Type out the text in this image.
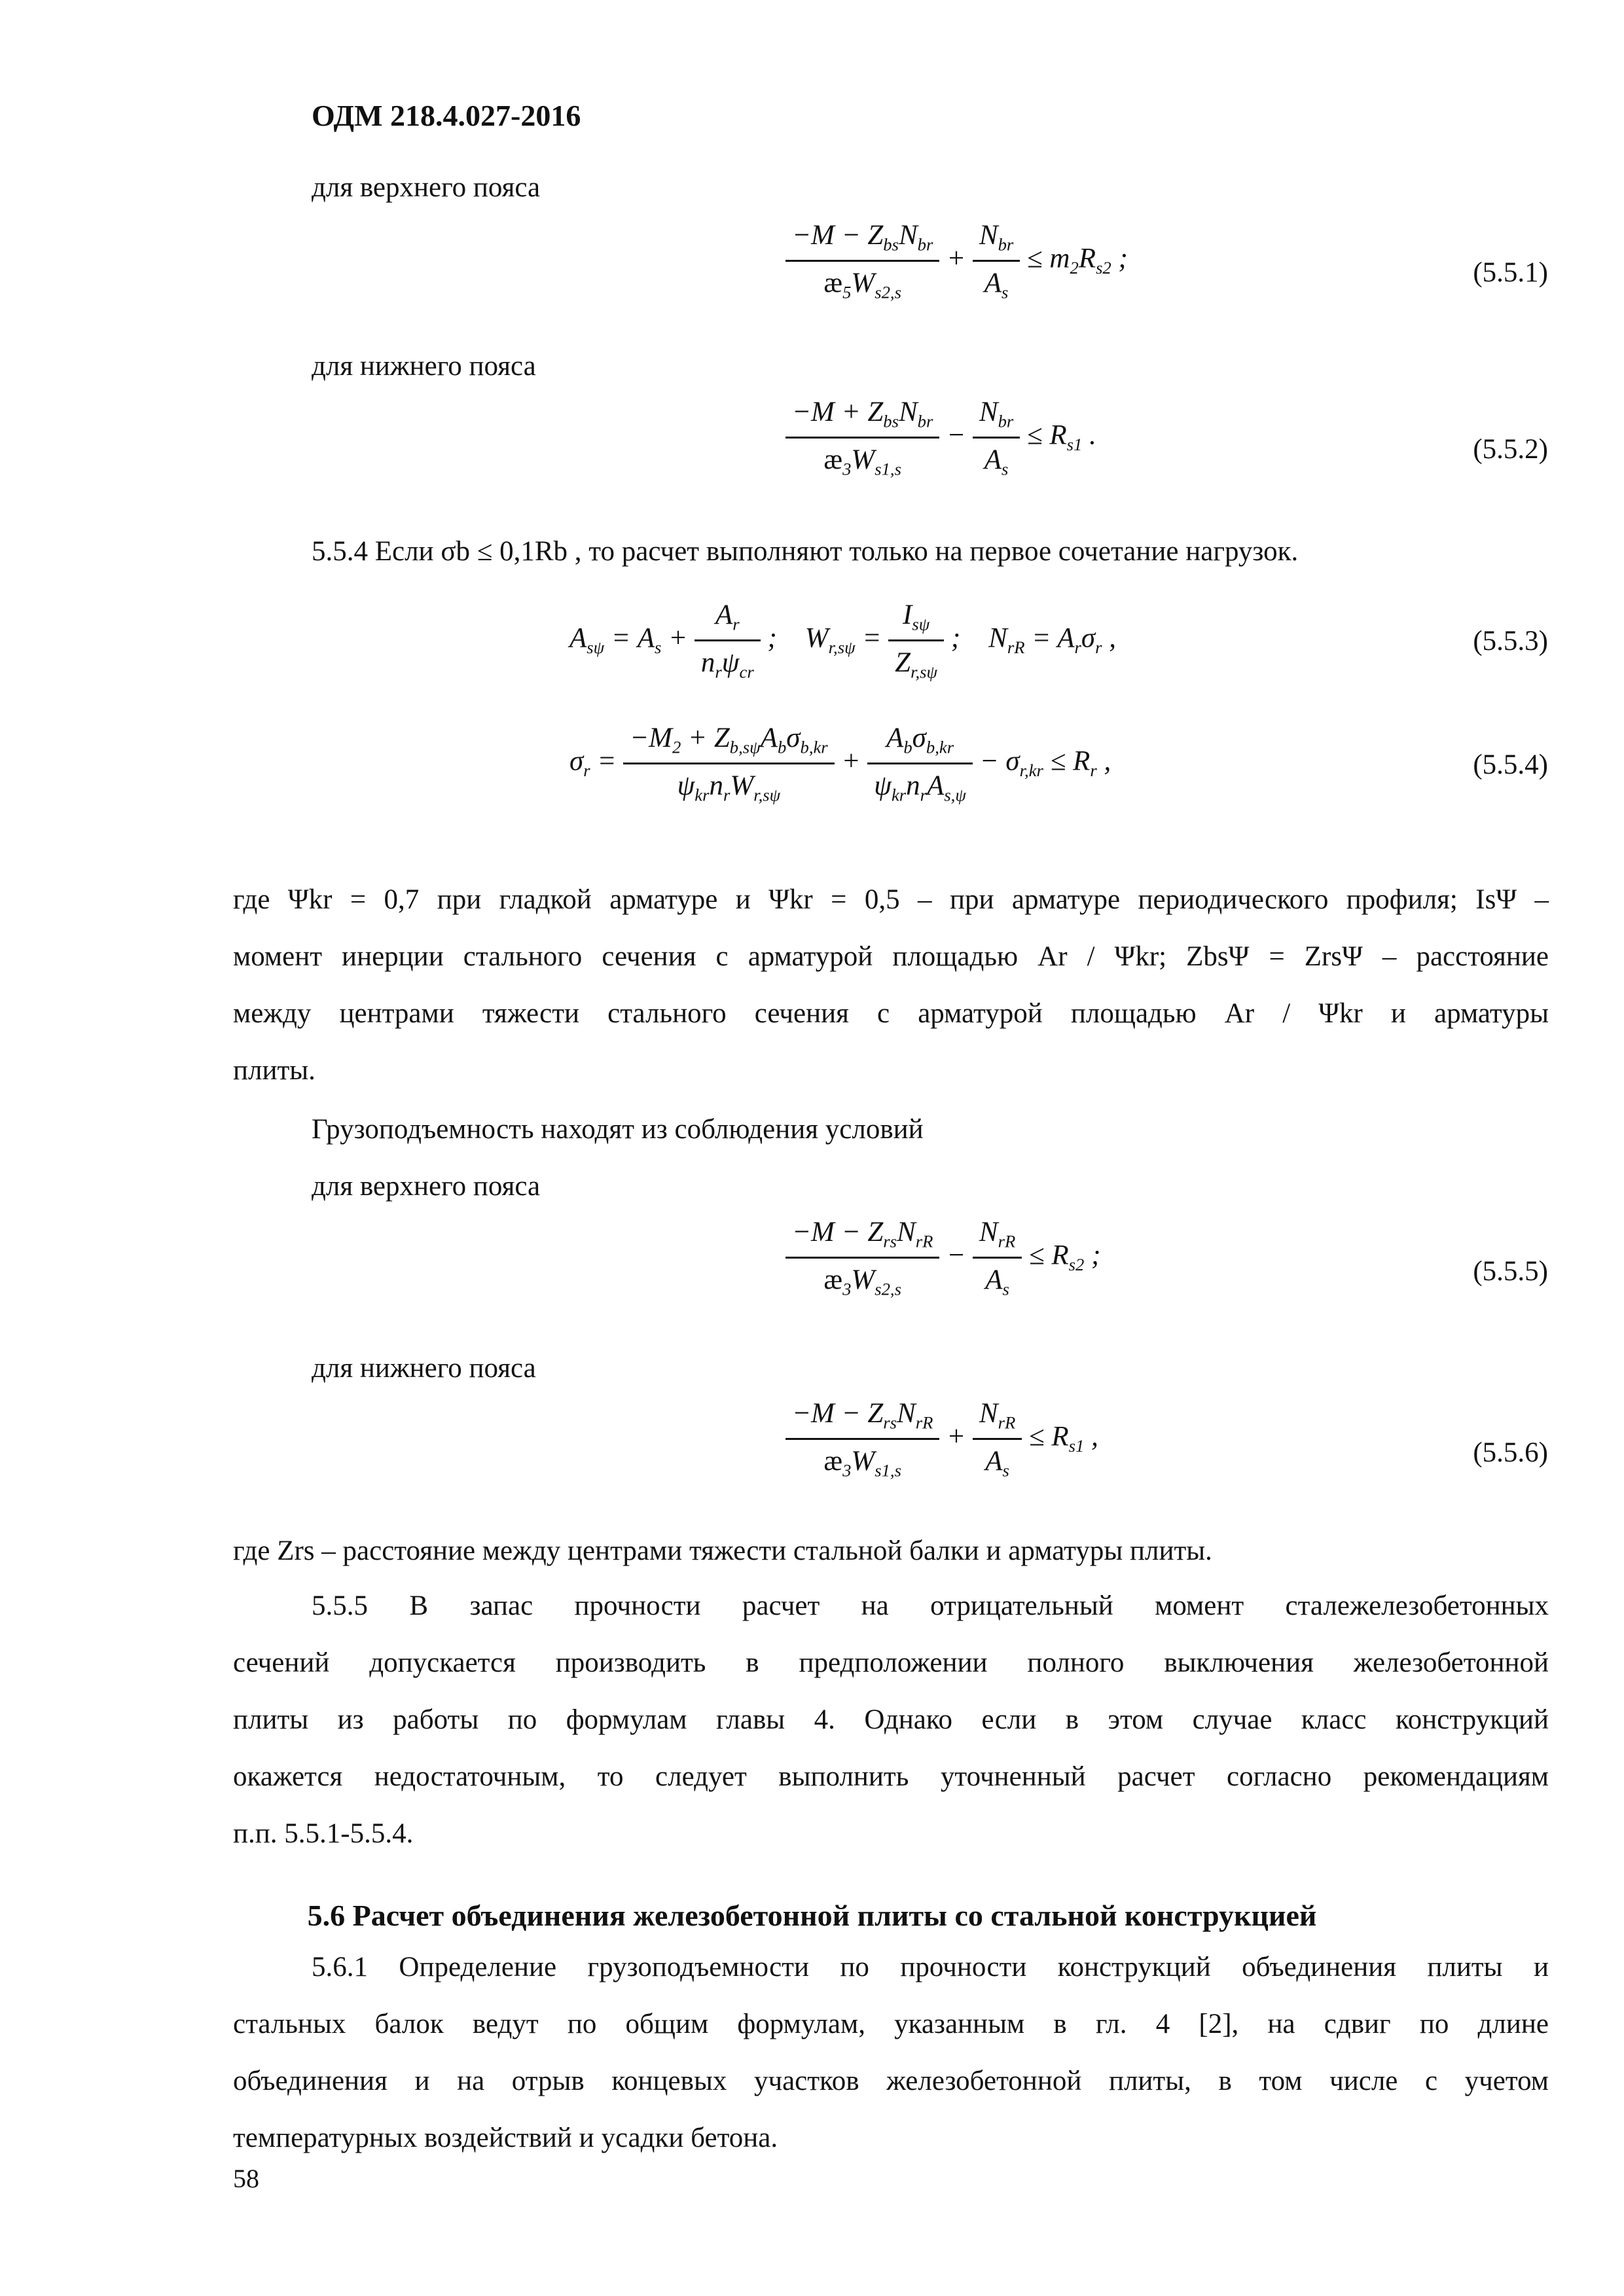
ОДМ 218.4.027-2016
для верхнего пояса
$\frac{-M - Z_{bs}N_{br}}{æ_5W_{s2,s}} + \frac{N_{br}}{A_s} \le m_2R_{s2}$ ;	(5.5.1)
для нижнего пояса
$\frac{-M + Z_{bs}N_{br}}{æ_3W_{s1,s}} - \frac{N_{br}}{A_s} \le R_{s1}$ .	(5.5.2)
5.5.4 Если σb ≤ 0,1Rb , то расчет выполняют только на первое сочетание нагрузок.
$A_{s\psi} = A_s + \frac{A_r}{n_r\psi_{cr}}$ ;    $W_{r,s\psi} = \frac{I_{s\psi}}{Z_{r,s\psi}}$ ;    $N_{rR} = A_r\sigma_r$ ,	(5.5.3)
$\sigma_r = \frac{-M_2 + Z_{b,s\psi}A_b\sigma_{b,kr}}{\psi_{kr}n_rW_{r,s\psi}} + \frac{A_b\sigma_{b,kr}}{\psi_{kr}n_rA_{s,\psi}} - \sigma_{r,kr} \le R_r$ ,	(5.5.4)
где Ψkr = 0,7 при гладкой арматуре и Ψkr = 0,5 – при арматуре периодического профиля; IsΨ –
момент инерции стального сечения с арматурой площадью Ar / Ψkr; ZbsΨ = ZrsΨ – расстояние
между центрами тяжести стального сечения с арматурой площадью Ar / Ψkr и арматуры
плиты.
Грузоподъемность находят из соблюдения условий
для верхнего пояса
$\frac{-M - Z_{rs}N_{rR}}{æ_3W_{s2,s}} - \frac{N_{rR}}{A_s} \le R_{s2}$ ;
(5.5.5)
для нижнего пояса
$\frac{-M - Z_{rs}N_{rR}}{æ_3W_{s1,s}} + \frac{N_{rR}}{A_s} \le R_{s1}$ ,
(5.5.6)
где Zrs – расстояние между центрами тяжести стальной балки и арматуры плиты.
5.5.5 В запас прочности расчет на отрицательный момент сталежелезобетонных
сечений допускается производить в предположении полного выключения железобетонной
плиты из работы по формулам главы 4. Однако если в этом случае класс конструкций
окажется недостаточным, то следует выполнить уточненный расчет согласно рекомендациям
п.п. 5.5.1-5.5.4.
5.6 Расчет объединения железобетонной плиты со стальной конструкцией
5.6.1 Определение грузоподъемности по прочности конструкций объединения плиты и
стальных балок ведут по общим формулам, указанным в гл. 4 [2], на сдвиг по длине
объединения и на отрыв концевых участков железобетонной плиты, в том числе с учетом
температурных воздействий и усадки бетона.
58
